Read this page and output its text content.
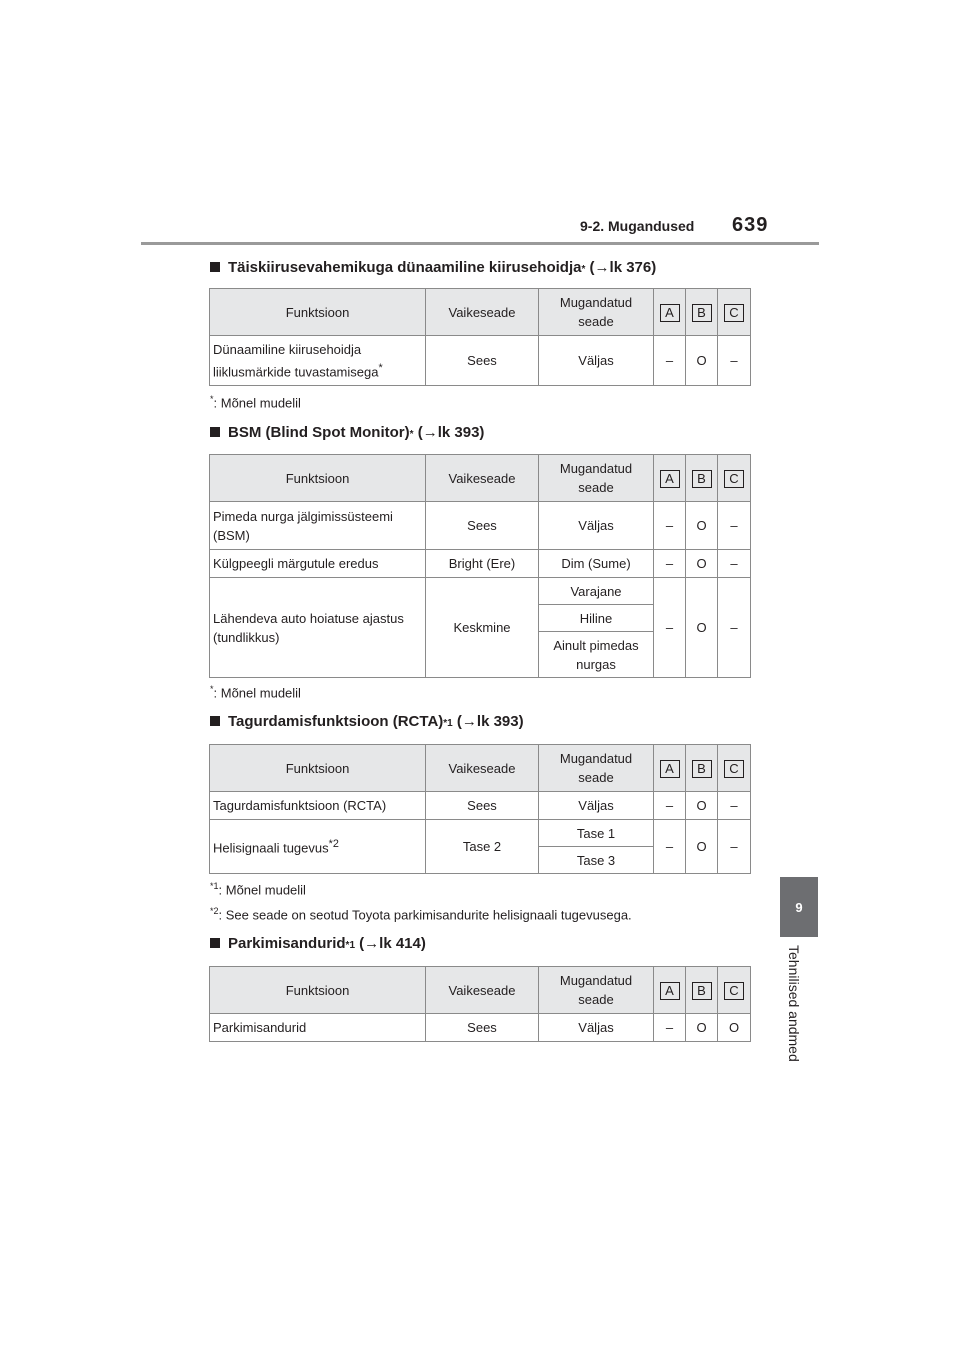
9-2. Mugandused 639
9
Tehnilised andmed
Täiskiirusevahemikuga dünaamiline kiirusehoidja *
(→lk 376)
Funktsioon	Vaikeseade	Mugandatud seade	A	B	C
Dünaamiline kiirusehoidja liiklusmärkide tuvastamisega*	Sees	Väljas	–	O	–
*: Mõnel mudelil
BSM (Blind Spot Monitor) *
(→lk 393)
Funktsioon	Vaikeseade	Mugandatud seade	A	B	C
Pimeda nurga jälgimissüsteemi (BSM)	Sees	Väljas	–	O	–
Külgpeegli märgutule eredus	Bright (Ere)	Dim (Sume)	–	O	–
Lähendeva auto hoiatuse ajastus (tundlikkus)	Keskmine	Varajane	–	O	–
		Hiline			
		Ainult pimedas nurgas			
*: Mõnel mudelil
Tagurdamisfunktsioon (RCTA) *1
(→lk 393)
Funktsioon	Vaikeseade	Mugandatud seade	A	B	C
Tagurdamisfunktsioon (RCTA)	Sees	Väljas	–	O	–
Helisignaali tugevus$^{*2}$	Tase 2	Tase 1	–	O	–
		Tase 3			
$^{*1}$: Mõnel mudelil
$^{*2}$: See seade on seotud Toyota parkimisandurite helisignaali tugevusega.
Parkimisandurid *1
(→lk 414)
Funktsioon	Vaikeseade	Mugandatud seade	A	B	C
Parkimisandurid	Sees	Väljas	–	O	O
